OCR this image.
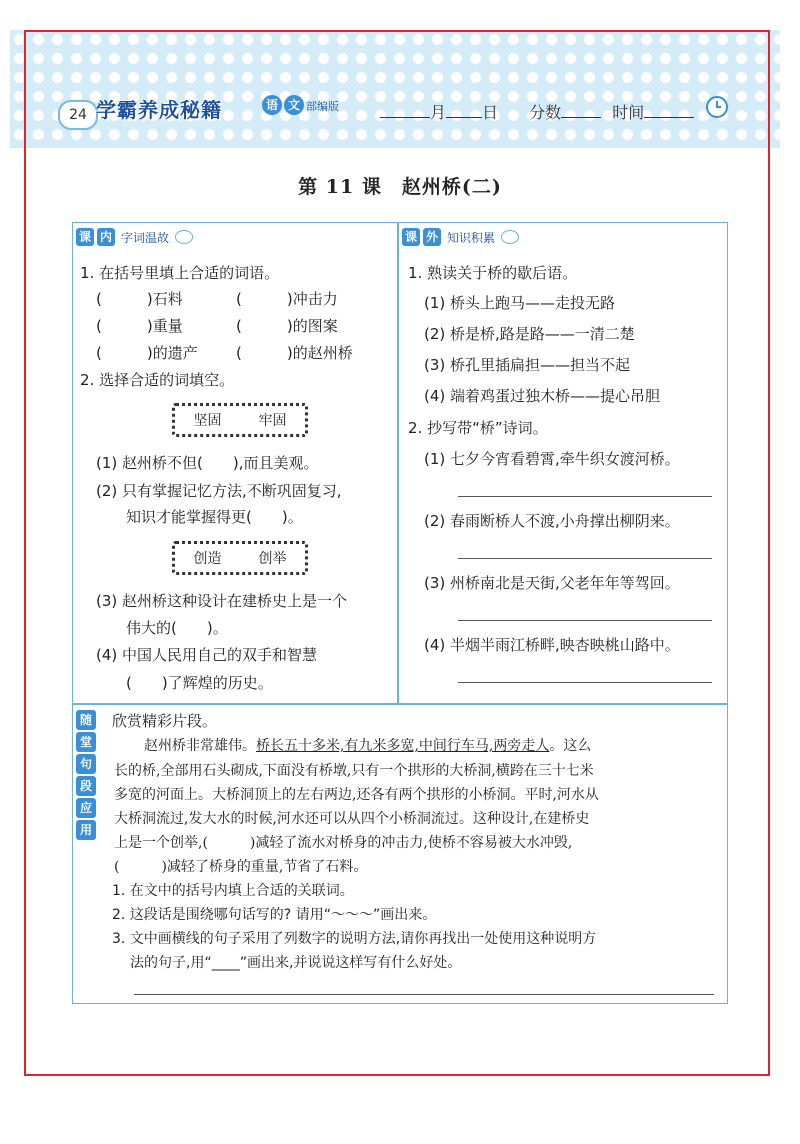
24 学霸养成秘籍	语 文 部编版	月 日 分数	时间
第 11 课　赵州桥(二)
课 内 字词温故
1. 在括号里填上合适的词语。
(　　　)石料	(　　　)冲击力
(　　　)重量	(　　　)的图案
(　　　)的遗产	(　　　)的赵州桥
2. 选择合适的词填空。
坚固	牢固
(1) 赵州桥不但(　　),而且美观。
(2) 只有掌握记忆方法,不断巩固复习,
知识才能掌握得更(　　)。
创造	创举
(3) 赵州桥这种设计在建桥史上是一个
伟大的(　　)。
(4) 中国人民用自己的双手和智慧
(　　)了辉煌的历史。
课 外 知识积累
1. 熟读关于桥的歇后语。
(1) 桥头上跑马——走投无路
(2) 桥是桥,路是路——一清二楚
(3) 桥孔里插扁担——担当不起
(4) 端着鸡蛋过独木桥——提心吊胆
2. 抄写带“桥”诗词。
(1) 七夕今宵看碧霄,牵牛织女渡河桥。
(2) 春雨断桥人不渡,小舟撑出柳阴来。
(3) 州桥南北是天街,父老年年等驾回。
(4) 半烟半雨江桥畔,映杏映桃山路中。
随
堂
句
段
应
用
欣赏精彩片段。
赵州桥非常雄伟。桥长五十多米,有九米多宽,中间行车马,两旁走人。这么
长的桥,全部用石头砌成,下面没有桥墩,只有一个拱形的大桥洞,横跨在三十七米
多宽的河面上。大桥洞顶上的左右两边,还各有两个拱形的小桥洞。平时,河水从
大桥洞流过,发大水的时候,河水还可以从四个小桥洞流过。这种设计,在建桥史
上是一个创举,(　　　)减轻了流水对桥身的冲击力,使桥不容易被大水冲毁,
(　　　)减轻了桥身的重量,节省了石料。
1. 在文中的括号内填上合适的关联词。
2. 这段话是围绕哪句话写的? 请用“～～～”画出来。
3. 文中画横线的句子采用了列数字的说明方法,请你再找出一处使用这种说明方
法的句子,用“____”画出来,并说说这样写有什么好处。
